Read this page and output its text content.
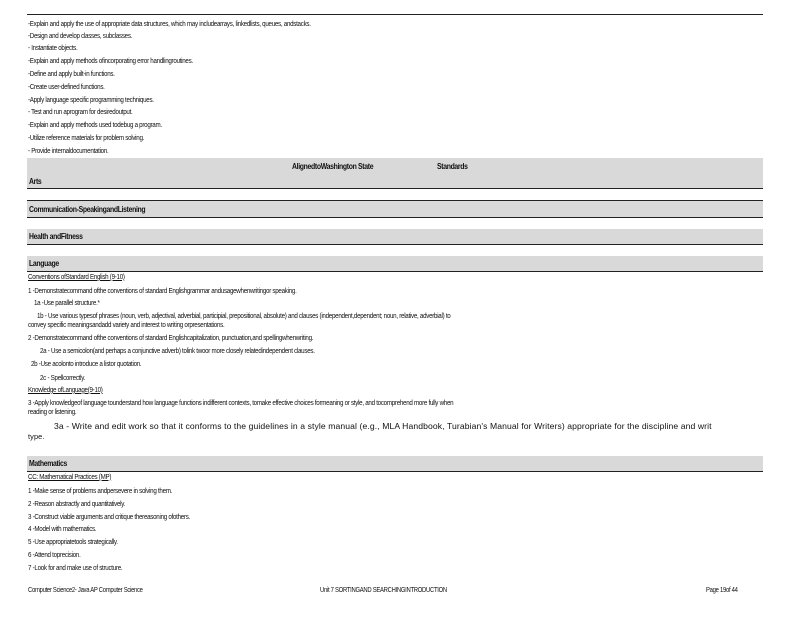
-Explain and apply the use of appropriate data structures, which may includearrays, linkedlists, queues, andstacks.
-Design and develop classes, subclasses.
- Instantiate objects.
-Explain and apply methods ofincorporating error handlingroutines.
-Define and apply built-in functions.
-Create user-defined functions.
-Apply language specific programming techniques.
- Test and run aprogram for desiredoutput.
-Explain and apply methods used todebug a program.
-Utilize reference materials for problem solving.
- Provide internaldocumentation.
AlignedtoWashington State	Standards
Arts
Communication-SpeakingandListening
Health andFitness
Language
Conventions ofStandard English (9-10)
1 -Demonstratecommand ofthe conventions of standard Englishgrammar andusagewhenwritingor speaking.
1a -Use parallel structure.*
1b - Use various typesof phrases (noun, verb, adjectival, adverbial, participial, prepositional, absolute) and clauses (independent,dependent; noun, relative, adverbial) to
convey specific meaningsandadd variety and interest to writing orpresentations.
2 -Demonstratecommand ofthe conventions of standard Englishcapitalization, punctuation,and spellingwhenwriting.
2a - Use a semicolon(and perhaps a conjunctive adverb) tolink twoor more closely relatedindependent clauses.
2b -Use acolonto introduce a listor quotation.
2c - Spellcorrectly.
Knowledge ofLanguage(9-10)
3 -Apply knowledgeof language tounderstand how language functions indifferent contexts, tomake effective choices formeaning or style, and tocomprehend more fully when
reading or listening.
3a - Write and edit work so that it conforms to the guidelines in a style manual (e.g., MLA Handbook, Turabian's Manual for Writers) appropriate for the discipline and writ
type.
Mathematics
CC: Mathematical Practices (MP)
1 -Make sense of problems andpersevere in solving them.
2 -Reason abstractly and quantitatively.
3 -Construct viable arguments and critique thereasoning ofothers.
4 -Model with mathematics.
5 -Use appropriatetools strategically.
6 -Attend toprecision.
7 -Look for and make use of structure.
Computer Science2- Java AP Computer Science	Unit 7 SORTINGAND SEARCHINGINTRODUCTION	Page 19of 44
